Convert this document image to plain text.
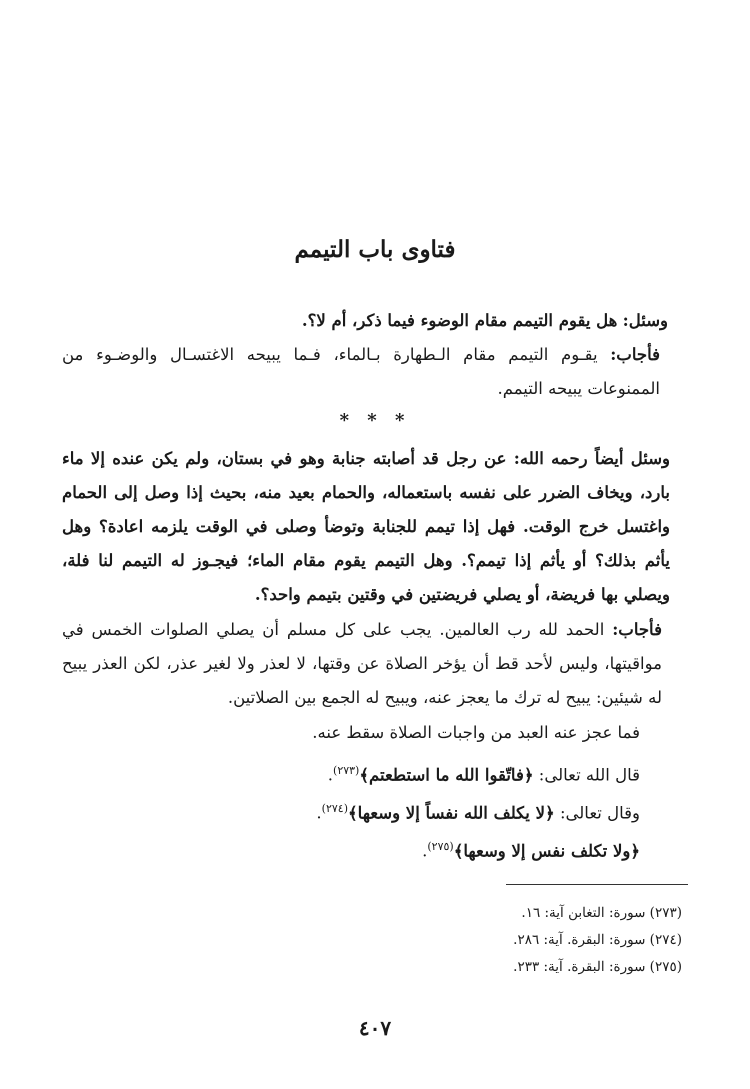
فتاوى باب التيمم

وسئل: هل يقوم التيمم مقام الوضوء فيما ذكر، أم لا؟.

فأجاب: يقـوم التيمم مقام الـطهارة بـالماء، فـما يبيحه الاغتسـال والوضـوء من الممنوعات يبيحه التيمم.

* * *

وسئل أيضاً رحمه الله: عن رجل قد أصابته جنابة وهو في بستان، ولم يكن عنده إلا ماء بارد، ويخاف الضرر على نفسه باستعماله، والحمام بعيد منه، بحيث إذا وصل إلى الحمام واغتسل خرج الوقت. فهل إذا تيمم للجنابة وتوضأ وصلى في الوقت يلزمه اعادة؟ وهل يأثم بذلك؟ أو يأثم إذا تيمم؟. وهل التيمم يقوم مقام الماء؛ فيجـوز له التيمم لنا فلة، ويصلي بها فريضة، أو يصلي فريضتين في وقتين بتيمم واحد؟.

فأجاب: الحمد لله رب العالمين. يجب على كل مسلم أن يصلي الصلوات الخمس في مواقيتها، وليس لأحد قط أن يؤخر الصلاة عن وقتها، لا لعذر ولا لغير عذر، لكن العذر يبيح له شيئين: يبيح له ترك ما يعجز عنه، ويبيح له الجمع بين الصلاتين.

فما عجز عنه العبد من واجبات الصلاة سقط عنه.

قال الله تعالى: ﴿فاتّقوا الله ما استطعتم﴾$^{(٢٧٣)}$.

وقال تعالى: ﴿لا يكلف الله نفساً إلا وسعها﴾$^{(٢٧٤)}$.

﴿ولا تكلف نفس إلا وسعها﴾$^{(٢٧٥)}$.

(٢٧٣) سورة: التغابن آية: ١٦.
(٢٧٤) سورة: البقرة. آية: ٢٨٦.
(٢٧٥) سورة: البقرة. آية: ٢٣٣.
٤٠٧
